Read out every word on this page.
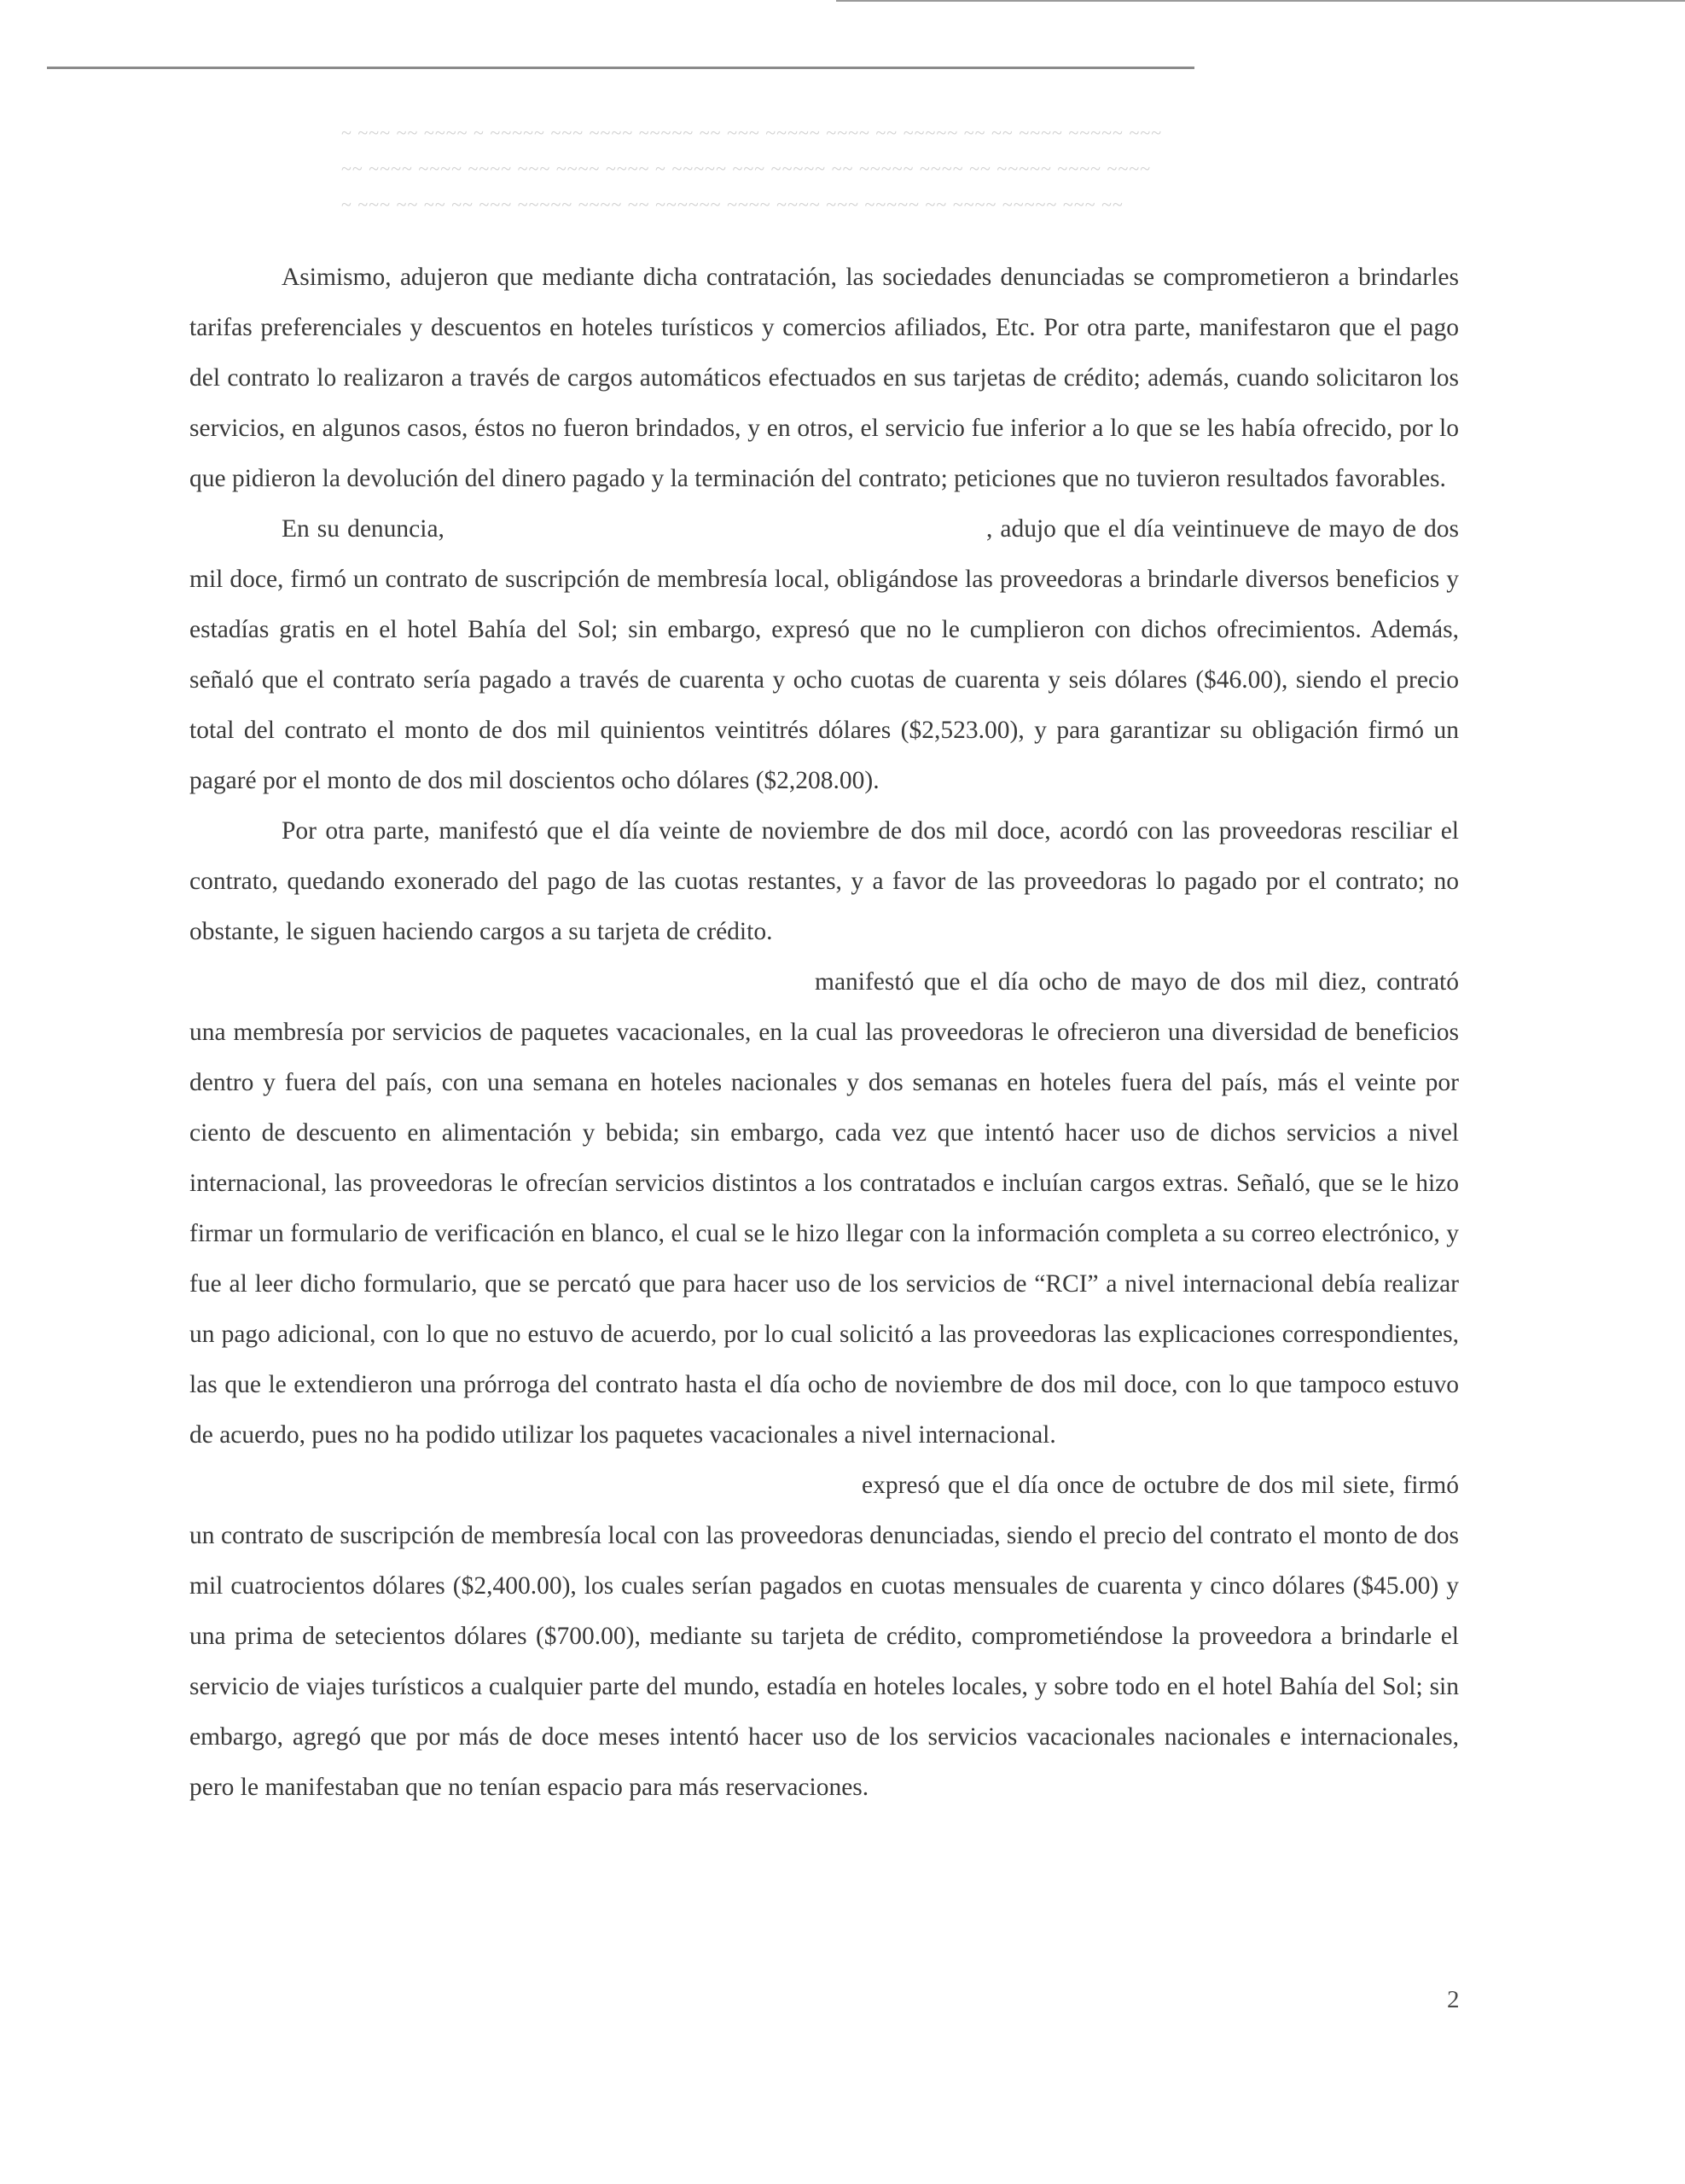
~ ~~~ ~~ ~~~~ ~ ~~~~~ ~~~ ~~~~ ~~~~~ ~~ ~~~ ~~~~~ ~~~~ ~~ ~~~~~ ~~ ~~ ~~~~ ~~~~~ ~~~
~~ ~~~~ ~~~~ ~~~~ ~~~ ~~~~ ~~~~ ~ ~~~~~ ~~~ ~~~~~ ~~ ~~~~~ ~~~~ ~~ ~~~~~ ~~~~ ~~~~
~ ~~~ ~~ ~~ ~~ ~~~ ~~~~~ ~~~~ ~~ ~~~~~~ ~~~~ ~~~~ ~~~ ~~~~~ ~~ ~~~~ ~~~~~ ~~~ ~~

Asimismo, adujeron que mediante dicha contratación, las sociedades denunciadas se comprometieron a brindarles tarifas preferenciales y descuentos en hoteles turísticos y comercios afiliados, Etc. Por otra parte, manifestaron que el pago del contrato lo realizaron a través de cargos automáticos efectuados en sus tarjetas de crédito; además, cuando solicitaron los servicios, en algunos casos, éstos no fueron brindados, y en otros, el servicio fue inferior a lo que se les había ofrecido, por lo que pidieron la devolución del dinero pagado y la terminación del contrato; peticiones que no tuvieron resultados favorables.

En su denuncia,	, adujo que el día veintinueve de mayo de dos mil doce, firmó un contrato de suscripción de membresía local, obligándose las proveedoras a brindarle diversos beneficios y estadías gratis en el hotel Bahía del Sol; sin embargo, expresó que no le cumplieron con dichos ofrecimientos. Además, señaló que el contrato sería pagado a través de cuarenta y ocho cuotas de cuarenta y seis dólares ($46.00), siendo el precio total del contrato el monto de dos mil quinientos veintitrés dólares ($2,523.00), y para garantizar su obligación firmó un pagaré por el monto de dos mil doscientos ocho dólares ($2,208.00).

Por otra parte, manifestó que el día veinte de noviembre de dos mil doce, acordó con las proveedoras resciliar el contrato, quedando exonerado del pago de las cuotas restantes, y a favor de las proveedoras lo pagado por el contrato; no obstante, le siguen haciendo cargos a su tarjeta de crédito.

manifestó que el día ocho de mayo de dos mil diez, contrató una membresía por servicios de paquetes vacacionales, en la cual las proveedoras le ofrecieron una diversidad de beneficios dentro y fuera del país, con una semana en hoteles nacionales y dos semanas en hoteles fuera del país, más el veinte por ciento de descuento en alimentación y bebida; sin embargo, cada vez que intentó hacer uso de dichos servicios a nivel internacional, las proveedoras le ofrecían servicios distintos a los contratados e incluían cargos extras. Señaló, que se le hizo firmar un formulario de verificación en blanco, el cual se le hizo llegar con la información completa a su correo electrónico, y fue al leer dicho formulario, que se percató que para hacer uso de los servicios de “RCI” a nivel internacional debía realizar un pago adicional, con lo que no estuvo de acuerdo, por lo cual solicitó a las proveedoras las explicaciones correspondientes, las que le extendieron una prórroga del contrato hasta el día ocho de noviembre de dos mil doce, con lo que tampoco estuvo de acuerdo, pues no ha podido utilizar los paquetes vacacionales a nivel internacional.

expresó que el día once de octubre de dos mil siete, firmó un contrato de suscripción de membresía local con las proveedoras denunciadas, siendo el precio del contrato el monto de dos mil cuatrocientos dólares ($2,400.00), los cuales serían pagados en cuotas mensuales de cuarenta y cinco dólares ($45.00) y una prima de setecientos dólares ($700.00), mediante su tarjeta de crédito, comprometiéndose la proveedora a brindarle el servicio de viajes turísticos a cualquier parte del mundo, estadía en hoteles locales, y sobre todo en el hotel Bahía del Sol; sin embargo, agregó que por más de doce meses intentó hacer uso de los servicios vacacionales nacionales e internacionales, pero le manifestaban que no tenían espacio para más reservaciones.

2
